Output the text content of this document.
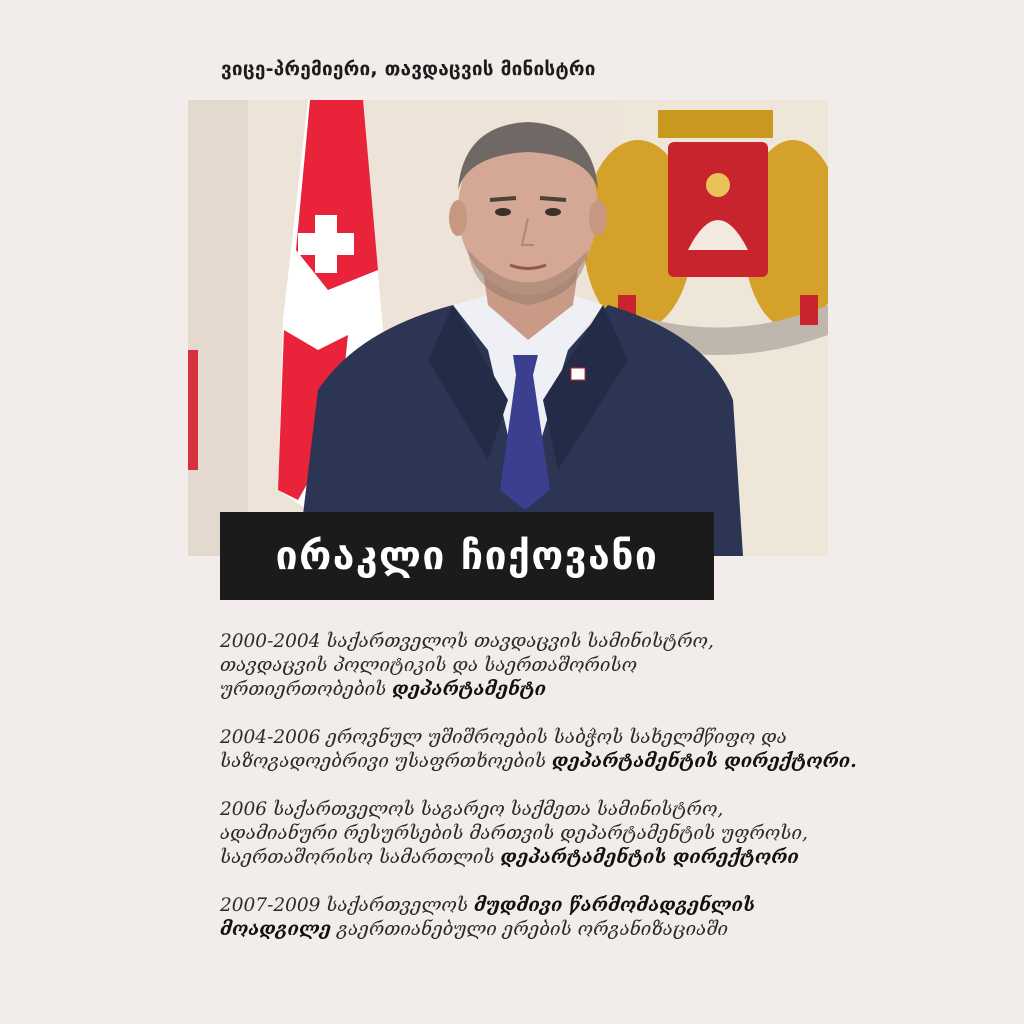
ვიცე-პრემიერი, თავდაცვის მინისტრი
ირაკლი ჩიქოვანი
2000-2004 საქართველოს თავდაცვის სამინისტრო,
თავდაცვის პოლიტიკის და საერთაშორისო
ურთიერთობების დეპარტამენტი
2004-2006 ეროვნულ უშიშროების საბჭოს სახელმწიფო და
საზოგადოებრივი უსაფრთხოების დეპარტამენტის დირექტორი.
2006 საქართველოს საგარეო საქმეთა სამინისტრო,
ადამიანური რესურსების მართვის დეპარტამენტის უფროსი,
საერთაშორისო სამართლის დეპარტამენტის დირექტორი
2007-2009 საქართველოს მუდმივი წარმომადგენლის
მოადგილე გაერთიანებული ერების ორგანიზაციაში
